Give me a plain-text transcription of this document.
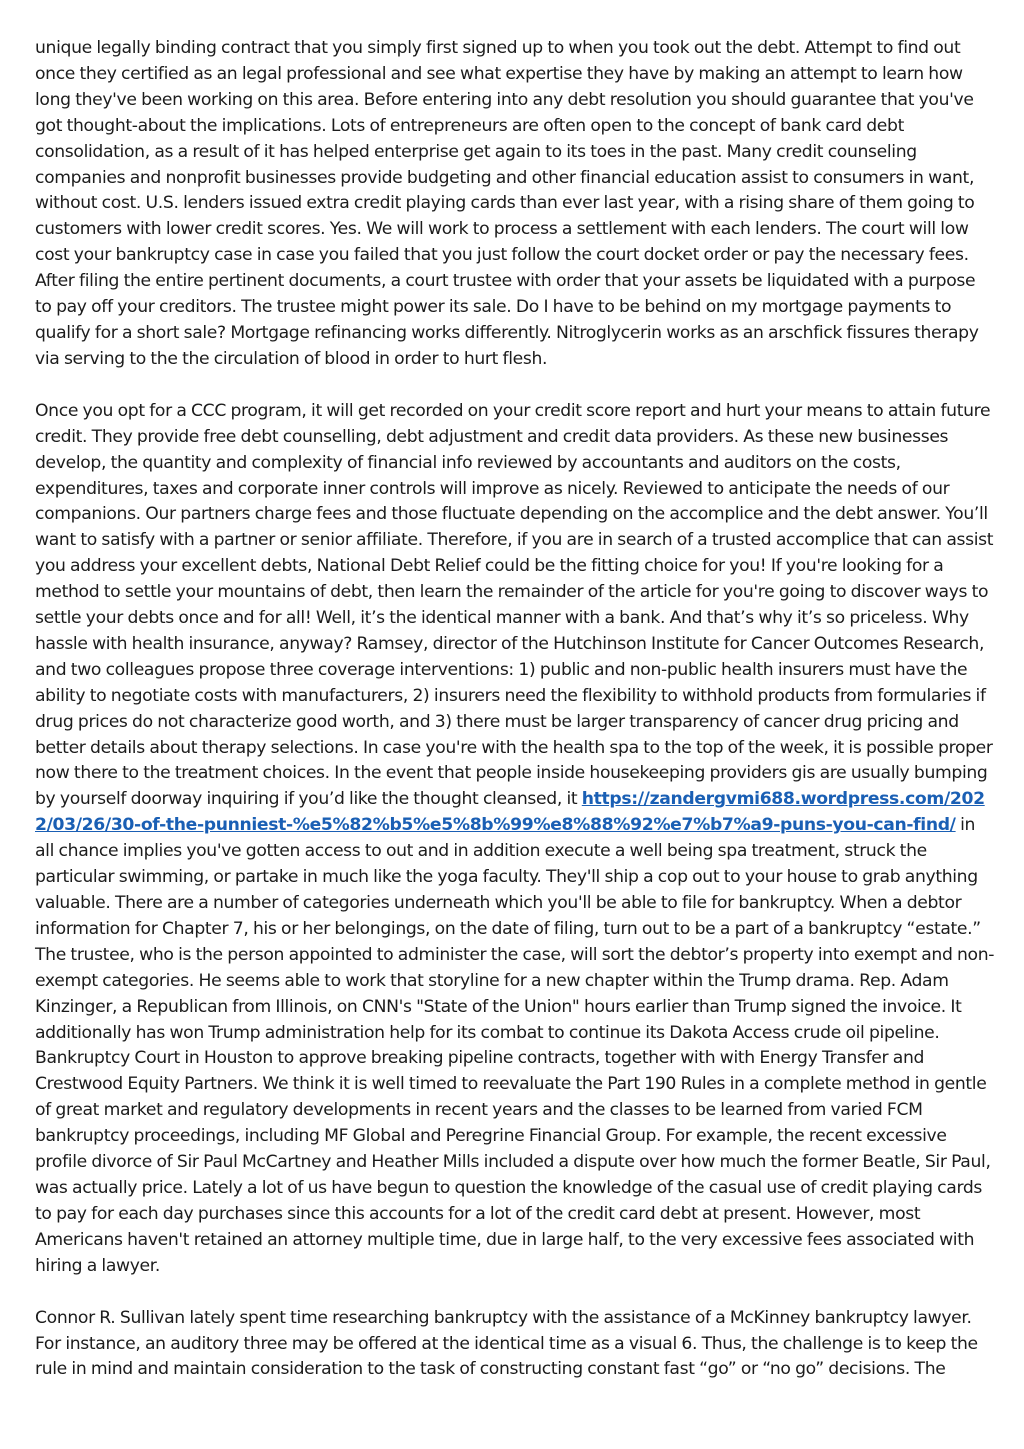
unique legally binding contract that you simply first signed up to when you took out the debt. Attempt to find out once they certified as an legal professional and see what expertise they have by making an attempt to learn how long they've been working on this area. Before entering into any debt resolution you should guarantee that you've got thought-about the implications. Lots of entrepreneurs are often open to the concept of bank card debt consolidation, as a result of it has helped enterprise get again to its toes in the past. Many credit counseling companies and nonprofit businesses provide budgeting and other financial education assist to consumers in want, without cost. U.S. lenders issued extra credit playing cards than ever last year, with a rising share of them going to customers with lower credit scores. Yes. We will work to process a settlement with each lenders. The court will low cost your bankruptcy case in case you failed that you just follow the court docket order or pay the necessary fees. After filing the entire pertinent documents, a court trustee with order that your assets be liquidated with a purpose to pay off your creditors. The trustee might power its sale. Do I have to be behind on my mortgage payments to qualify for a short sale? Mortgage refinancing works differently. Nitroglycerin works as an arschfick fissures therapy via serving to the the circulation of blood in order to hurt flesh.

Once you opt for a CCC program, it will get recorded on your credit score report and hurt your means to attain future credit. They provide free debt counselling, debt adjustment and credit data providers. As these new businesses develop, the quantity and complexity of financial info reviewed by accountants and auditors on the costs, expenditures, taxes and corporate inner controls will improve as nicely. Reviewed to anticipate the needs of our companions. Our partners charge fees and those fluctuate depending on the accomplice and the debt answer. You’ll want to satisfy with a partner or senior affiliate. Therefore, if you are in search of a trusted accomplice that can assist you address your excellent debts, National Debt Relief could be the fitting choice for you! If you're looking for a method to settle your mountains of debt, then learn the remainder of the article for you're going to discover ways to settle your debts once and for all! Well, it’s the identical manner with a bank. And that’s why it’s so priceless. Why hassle with health insurance, anyway? Ramsey, director of the Hutchinson Institute for Cancer Outcomes Research, and two colleagues propose three coverage interventions: 1) public and non-public health insurers must have the ability to negotiate costs with manufacturers, 2) insurers need the flexibility to withhold products from formularies if drug prices do not characterize good worth, and 3) there must be larger transparency of cancer drug pricing and better details about therapy selections. In case you're with the health spa to the top of the week, it is possible proper now there to the treatment choices. In the event that people inside housekeeping providers gis are usually bumping by yourself doorway inquiring if you’d like the thought cleansed, it https://zandergvmi688.wordpress.com/2022/03/26/30-of-the-punniest-%e5%82%b5%e5%8b%99%e8%88%92%e7%b7%a9-puns-you-can-find/ in all chance implies you've gotten access to out and in addition execute a well being spa treatment, struck the particular swimming, or partake in much like the yoga faculty. They'll ship a cop out to your house to grab anything valuable. There are a number of categories underneath which you'll be able to file for bankruptcy. When a debtor information for Chapter 7, his or her belongings, on the date of filing, turn out to be a part of a bankruptcy “estate.” The trustee, who is the person appointed to administer the case, will sort the debtor’s property into exempt and non-exempt categories. He seems able to work that storyline for a new chapter within the Trump drama. Rep. Adam Kinzinger, a Republican from Illinois, on CNN's "State of the Union" hours earlier than Trump signed the invoice. It additionally has won Trump administration help for its combat to continue its Dakota Access crude oil pipeline. Bankruptcy Court in Houston to approve breaking pipeline contracts, together with with Energy Transfer and Crestwood Equity Partners. We think it is well timed to reevaluate the Part 190 Rules in a complete method in gentle of great market and regulatory developments in recent years and the classes to be learned from varied FCM bankruptcy proceedings, including MF Global and Peregrine Financial Group. For example, the recent excessive profile divorce of Sir Paul McCartney and Heather Mills included a dispute over how much the former Beatle, Sir Paul, was actually price. Lately a lot of us have begun to question the knowledge of the casual use of credit playing cards to pay for each day purchases since this accounts for a lot of the credit card debt at present. However, most Americans haven't retained an attorney multiple time, due in large half, to the very excessive fees associated with hiring a lawyer.

Connor R. Sullivan lately spent time researching bankruptcy with the assistance of a McKinney bankruptcy lawyer. For instance, an auditory three may be offered at the identical time as a visual 6. Thus, the challenge is to keep the rule in mind and maintain consideration to the task of constructing constant fast “go” or “no go” decisions. The
